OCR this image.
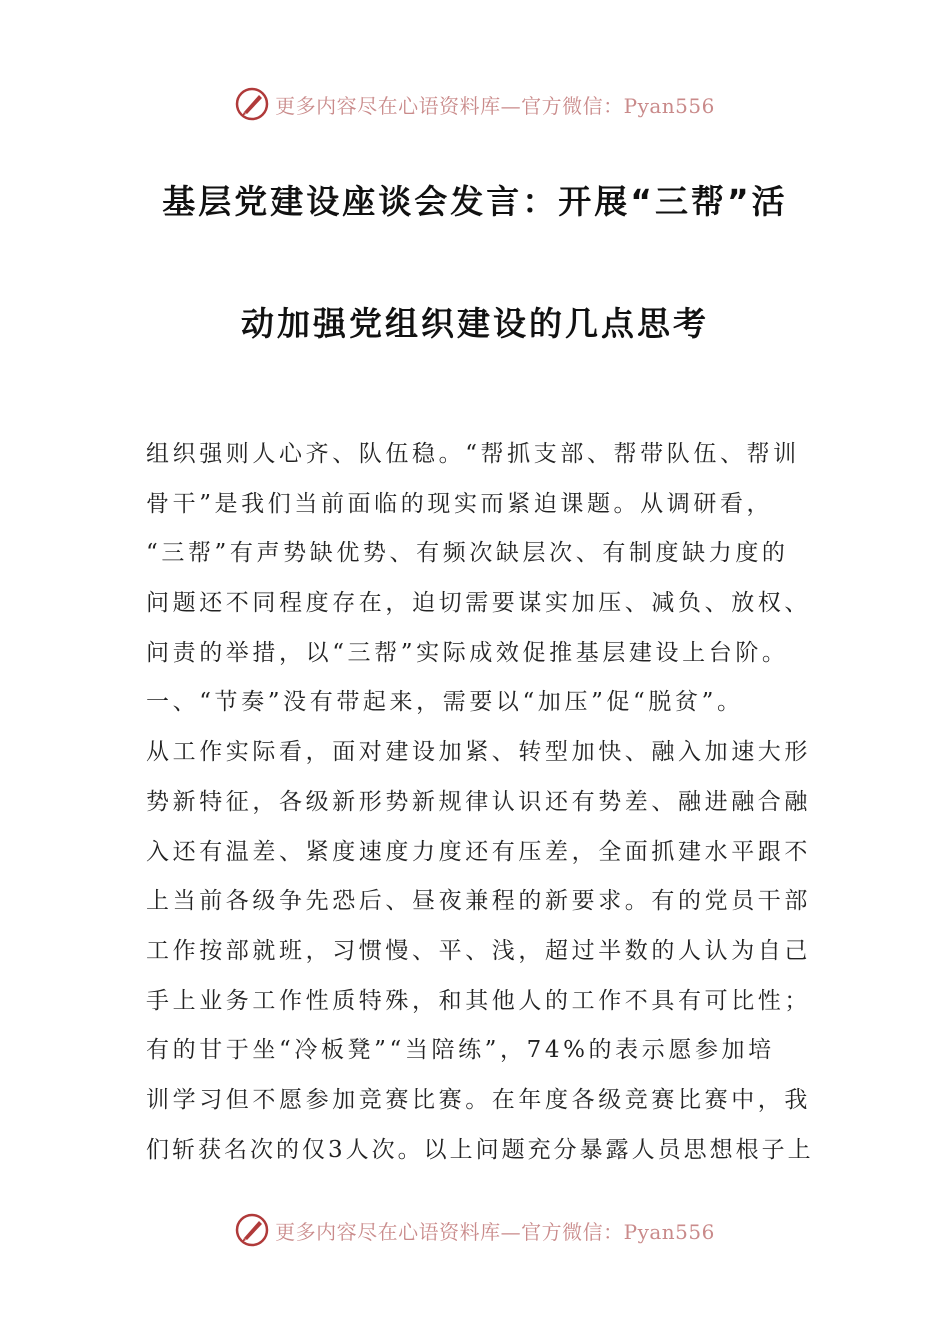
更多内容尽在心语资料库—官方微信：Pyan556
基层党建设座谈会发言：开展“三帮”活
动加强党组织建设的几点思考
组织强则人心齐、队伍稳。“帮抓支部、帮带队伍、帮训
骨干”是我们当前面临的现实而紧迫课题。从调研看，
“三帮”有声势缺优势、有频次缺层次、有制度缺力度的
问题还不同程度存在，迫切需要谋实加压、减负、放权、
问责的举措，以“三帮”实际成效促推基层建设上台阶。
一、“节奏”没有带起来，需要以“加压”促“脱贫”。
从工作实际看，面对建设加紧、转型加快、融入加速大形
势新特征，各级新形势新规律认识还有势差、融进融合融
入还有温差、紧度速度力度还有压差，全面抓建水平跟不
上当前各级争先恐后、昼夜兼程的新要求。有的党员干部
工作按部就班，习惯慢、平、浅，超过半数的人认为自己
手上业务工作性质特殊，和其他人的工作不具有可比性；
有的甘于坐“冷板凳”“当陪练”，74%的表示愿参加培
训学习但不愿参加竞赛比赛。在年度各级竞赛比赛中，我
们斩获名次的仅3人次。以上问题充分暴露人员思想根子上
更多内容尽在心语资料库—官方微信：Pyan556
